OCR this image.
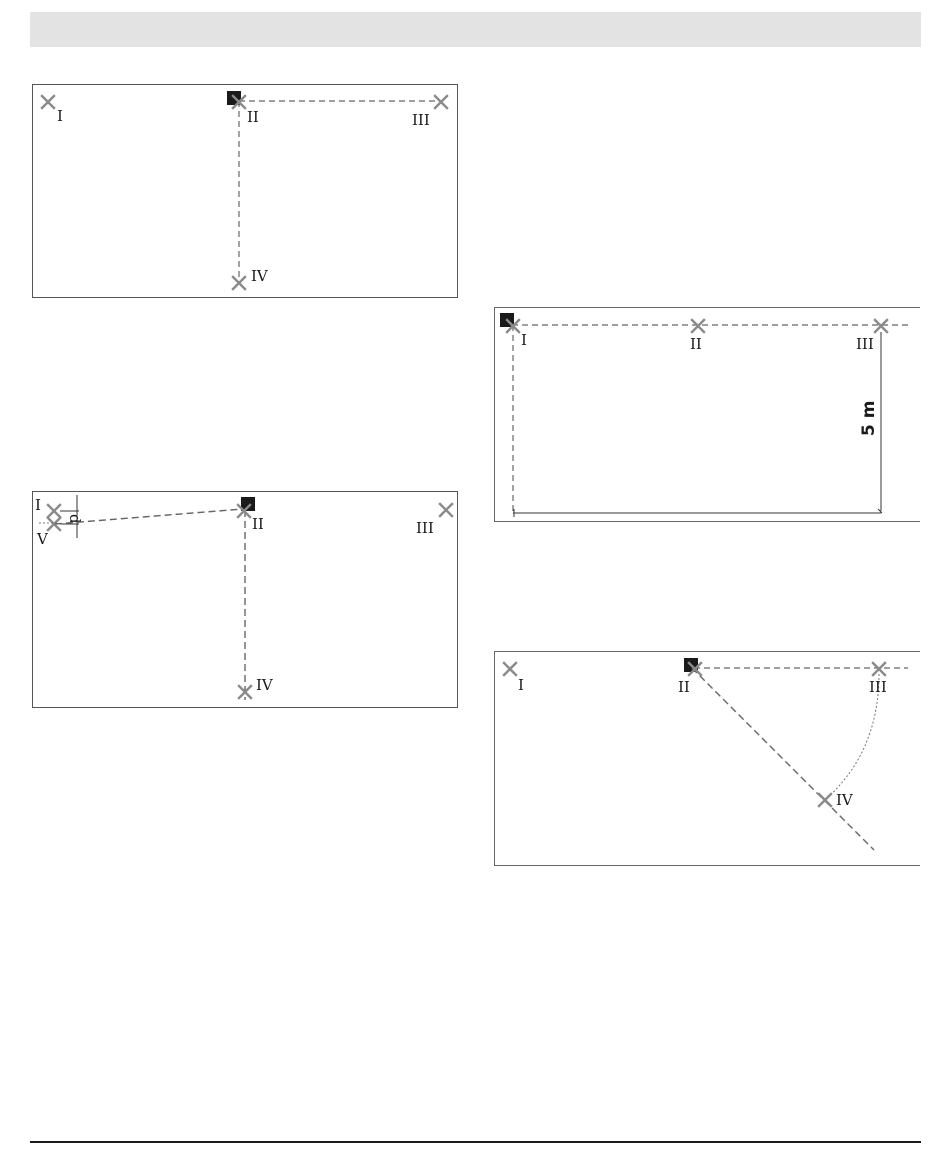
I	II	III
IV
I
d
V
II	III
IV
I	II	III
5 m
I	II	III
IV
